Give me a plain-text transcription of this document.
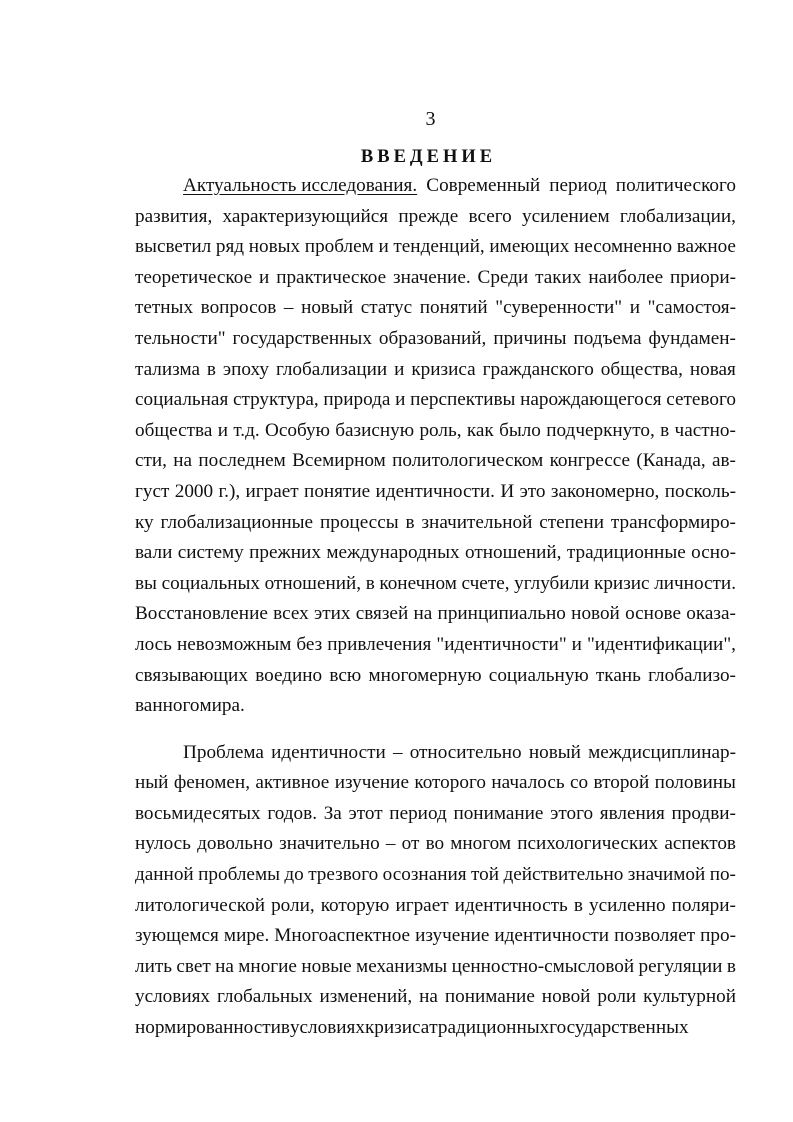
3
ВВЕДЕНИЕ
Актуальность исследования. Современный период политического
развития, характеризующийся прежде всего усилением глобализации,
высветил ряд новых проблем и тенденций, имеющих несомненно важное
теоретическое и практическое значение. Среди таких наиболее приори-
тетных вопросов – новый статус понятий "суверенности" и "самостоя-
тельности" государственных образований, причины подъема фундамен-
тализма в эпоху глобализации и кризиса гражданского общества, новая
социальная структура, природа и перспективы нарождающегося сетевого
общества и т.д. Особую базисную роль, как было подчеркнуто, в частно-
сти, на последнем Всемирном политологическом конгрессе (Канада, ав-
густ 2000 г.), играет понятие идентичности. И это закономерно, посколь-
ку глобализационные процессы в значительной степени трансформиро-
вали систему прежних международных отношений, традиционные осно-
вы социальных отношений, в конечном счете, углубили кризис личности.
Восстановление всех этих связей на принципиально новой основе оказа-
лось невозможным без привлечения "идентичности" и "идентификации",
связывающих воедино всю многомерную социальную ткань глобализо-
ванного мира.
Проблема идентичности – относительно новый междисциплинар-
ный феномен, активное изучение которого началось со второй половины
восьмидесятых годов. За этот период понимание этого явления продви-
нулось довольно значительно – от во многом психологических аспектов
данной проблемы до трезвого осознания той действительно значимой по-
литологической роли, которую играет идентичность в усиленно поляри-
зующемся мире. Многоаспектное изучение идентичности позволяет про-
лить свет на многие новые механизмы ценностно-смысловой регуляции в
условиях глобальных изменений, на понимание новой роли культурной
нормированности в условиях кризиса традиционных государственных
